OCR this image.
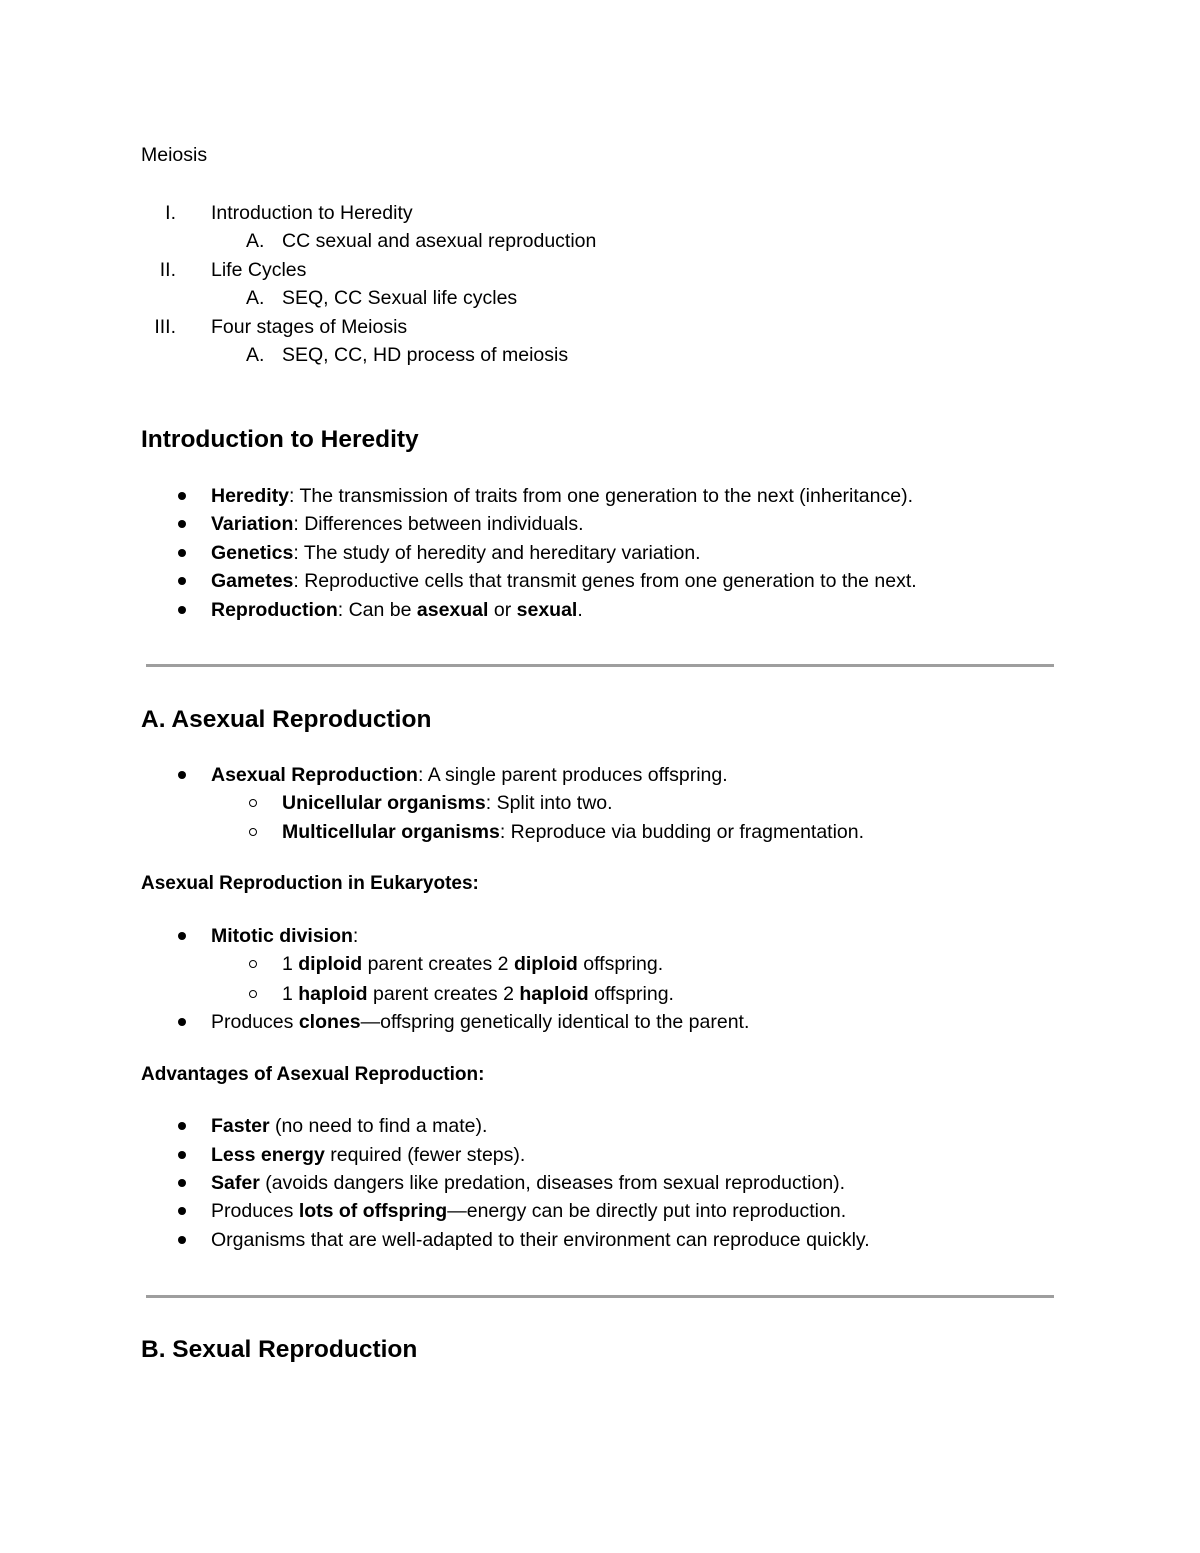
Meiosis
I. Introduction to Heredity
A. CC sexual and asexual reproduction
II. Life Cycles
A. SEQ, CC Sexual life cycles
III. Four stages of Meiosis
A. SEQ, CC, HD process of meiosis
Introduction to Heredity
Heredity: The transmission of traits from one generation to the next (inheritance).
Variation: Differences between individuals.
Genetics: The study of heredity and hereditary variation.
Gametes: Reproductive cells that transmit genes from one generation to the next.
Reproduction: Can be asexual or sexual.
A. Asexual Reproduction
Asexual Reproduction: A single parent produces offspring.
Unicellular organisms: Split into two.
Multicellular organisms: Reproduce via budding or fragmentation.
Asexual Reproduction in Eukaryotes:
Mitotic division:
1 diploid parent creates 2 diploid offspring.
1 haploid parent creates 2 haploid offspring.
Produces clones—offspring genetically identical to the parent.
Advantages of Asexual Reproduction:
Faster (no need to find a mate).
Less energy required (fewer steps).
Safer (avoids dangers like predation, diseases from sexual reproduction).
Produces lots of offspring—energy can be directly put into reproduction.
Organisms that are well-adapted to their environment can reproduce quickly.
B. Sexual Reproduction
